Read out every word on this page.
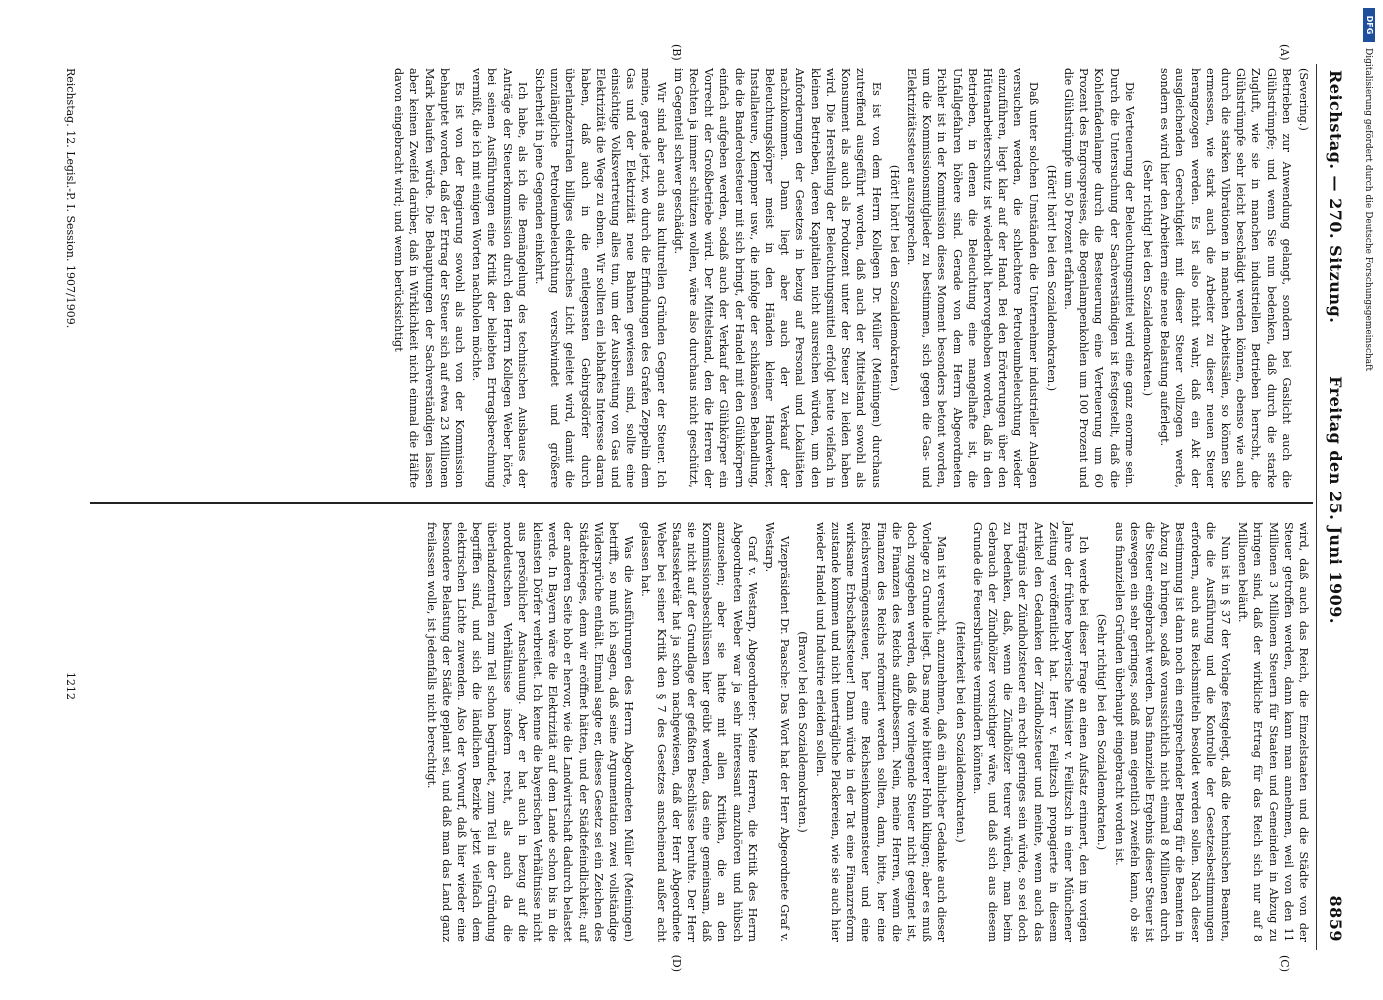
Reichstag. — 270. Sitzung.
Freitag den 25. Juni 1909.
8859
(A)
(B)
(C)
(D)

(Severing.)

Betrieben zur Anwendung gelangt, sondern bei Gaslicht auch die Glühstrümpfe; und wenn Sie nun bedenken, daß durch die starke Zugluft, wie sie in manchen industriellen Betrieben herrscht, die Glühstrümpfe sehr leicht beschädigt werden können, ebenso wie auch durch die starken Vibrationen in manchen Arbeitssälen, so können Sie ermessen, wie stark auch die Arbeiter zu dieser neuen Steuer herangezogen werden. Es ist also nicht wahr, daß ein Akt der ausgleichenden Gerechtigkeit mit dieser Steuer vollzogen werde, sondern es wird hier den Arbeitern eine neue Belastung auferlegt.

(Sehr richtig! bei den Sozialdemokraten.)

Die Verteuerung der Beleuchtungsmittel wird eine ganz enorme sein. Durch die Untersuchung der Sachverständigen ist festgestellt, daß die Kohlenfadenlampe durch die Besteuerung eine Verteuerung um 60 Prozent des Engrospreises, die Bogenlampenkohlen um 100 Prozent und die Glühstrümpfe um 50 Prozent erfahren.

(Hört! hört! bei den Sozialdemokraten.)

Daß unter solchen Umständen die Unternehmer industrieller Anlagen versuchen werden, die schlechtere Petroleumbeleuchtung wieder einzuführen, liegt klar auf der Hand. Bei den Erörterungen über den Hüttenarbeiterschutz ist wiederholt hervorgehoben worden, daß in den Betrieben, in denen die Beleuchtung eine mangelhafte ist, die Unfallgefahren höhere sind. Gerade von dem Herrn Abgeordneten Pichler ist in der Kommission dieses Moment besonders betont worden, um die Kommissionsmitglieder zu bestimmen, sich gegen die Gas- und Elektrizitätssteuer auszusprechen.

(Hört! hört! bei den Sozialdemokraten.)

Es ist von dem Herrn Kollegen Dr. Müller (Meiningen) durchaus zutreffend ausgeführt worden, daß auch der Mittelstand sowohl als Konsument als auch als Produzent unter der Steuer zu leiden haben wird. Die Herstellung der Beleuchtungsmittel erfolgt heute vielfach in kleinen Betrieben, deren Kapitalien nicht ausreichen würden, um den Anforderungen der Gesetzes in bezug auf Personal und Lokalitäten nachzukommen. Dann liegt aber auch der Verkauf der Beleuchtungskörper meist in den Händen kleiner Handwerker, Installateure, Klempner usw., die infolge der schikanösen Behandlung, die die Banderolesteuer mit sich bringt, der Handel mit den Glühkörpern einfach aufgeben werden, sodaß auch der Verkauf der Glühkörper ein Vorrecht der Großbetriebe wird. Der Mittelstand, den die Herren der Rechten ja immer schützen wollen, wäre also durchaus nicht geschützt, im Gegenteil schwer geschädigt.

Wir sind aber auch aus kulturellen Gründen Gegner der Steuer. Ich meine, gerade jetzt, wo durch die Erfindungen des Grafen Zeppelin dem Gas und der Elektrizität neue Bahnen gewiesen sind, sollte eine einsichtige Volksvertretung alles tun, um der Ausbreitung von Gas und Elektrizität die Wege zu ebnen. Wir sollten ein lebhaftes Interesse daran haben, daß auch in die entlegensten Gebirgsdörfer durch überlandzentralen billiges elektrisches Licht geleitet wird, damit die unzulängliche Petroleumbeleuchtung verschwindet und größere Sicherheit in jene Gegenden einkehrt.

Ich habe, als ich die Bemängelung des technischen Ausbaues der Anträge der Steuerkommission durch den Herrn Kollegen Weber hörte, bei seinen Ausführungen eine Kritik der beliebten Ertragsberechnung vermißt, die ich mit einigen Worten nachholen möchte.

Es ist von der Regierung sowohl als auch von der Kommission behauptet worden, daß der Ertrag der Steuer sich auf etwa 23 Millionen Mark belaufen würde. Die Behauptungen der Sachverständigen lassen aber keinen Zweifel darüber, daß in Wirklichkeit nicht einmal die Hälfte davon eingebracht wird; und wenn berücksichtigt

wird, daß auch das Reich, die Einzelstaaten und die Städte von der Steuer getroffen werden, dann kann man annehmen, weil von den 11 Millionen 3 Millionen Steuern für Staaten und Gemeinden in Abzug zu bringen sind, daß der wirkliche Ertrag für das Reich sich nur auf 8 Millionen beläuft.

Nun ist in § 37 der Vorlage festgelegt, daß die technischen Beamten, die die Ausführung und die Kontrolle der Gesetzesbestimmungen erfordern, auch aus Reichsmitteln besoldet werden sollen. Nach dieser Bestimmung ist dann noch ein entsprechender Betrag für die Beamten in Abzug zu bringen, sodaß voraussichtlich nicht einmal 8 Millionen durch die Steuer eingebracht werden. Das finanzielle Ergebnis dieser Steuer ist deswegen ein sehr geringes, sodaß man eigentlich zweifeln kann, ob sie aus finanziellen Gründen überhaupt eingebracht worden ist.

(Sehr richtig! bei den Sozialdemokraten.)

Ich werde bei dieser Frage an einen Aufsatz erinnert, den im vorigen Jahre der frühere bayerische Minister v. Feilitzsch in einer Münchener Zeitung veröffentlicht hat. Herr v. Feilitzsch propagierte in diesem Artikel den Gedanken der Zündholzsteuer und meinte, wenn auch das Erträgnis der Zündholzsteuer ein recht geringes sein würde, so sei doch zu bedenken, daß, wenn die Zündhölzer teurer würden, man beim Gebrauch der Zündhölzer vorsichtiger wäre, und daß sich aus diesem Grunde die Feuersbrünste vermindern könnten.

(Heiterkeit bei den Sozialdemokraten.)

Man ist versucht, anzunehmen, daß ein ähnlicher Gedanke auch dieser Vorlage zu Grunde liegt. Das mag wie bitterer Hohn klingen; aber es muß doch zugegeben werden, daß die vorliegende Steuer nicht geeignet ist, die Finanzen des Reichs aufzubessern. Nein, meine Herren, wenn die Finanzen des Reichs reformiert werden sollten, dann, bitte, her eine Reichsvermögenssteuer, her eine Reichseinkommensteuer und eine wirksame Erbschaftssteuer! Dann würde in der Tat eine Finanzreform zustande kommen und nicht unerträgliche Plackereien, wie sie auch hier wieder Handel und Industrie erleiden sollen.

(Bravo! bei den Sozialdemokraten.)

Vizepräsident Dr. Paasche: Das Wort hat der Herr Abgeordnete Graf v. Westarp.

Graf v. Westarp, Abgeordneter: Meine Herren, die Kritik des Herrn Abgeordneten Weber war ja sehr interessant anzuhören und hübsch anzusehen; aber sie hatte mit allen Kritiken, die an den Kommissionsbeschlüssen hier geübt werden, das eine gemeinsam, daß sie nicht auf der Grundlage der gefaßten Beschlüsse beruhte. Der Herr Staatssekretär hat ja schon nachgewiesen, daß der Herr Abgeordnete Weber bei seiner Kritik den § 7 des Gesetzes anscheinend außer acht gelassen hat.

Was die Ausführungen des Herrn Abgeordneten Müller (Meiningen) betrifft, so muß ich sagen, daß seine Argumentation zwei vollständige Widersprüche enthält. Einmal sagte er, dieses Gesetz sei ein Zeichen des Städtekrieges, denn wir eröffnet hätten, und der Städtefeindlichkeit; auf der anderen Seite hob er hervor, wie die Landwirtschaft dadurch belastet werde. In Bayern wäre die Elektrizität auf dem Lande schon bis in die kleinsten Dörfer verbreitet. Ich kenne die bayerischen Verhältnisse nicht aus persönlicher Anschauung. Aber er hat auch in bezug auf die norddeutschen Verhältnisse insofern recht, als auch da die überlandzentralen zum Teil schon begründet, zum Teil in der Gründung begriffen sind, und sich die ländlichen Bezirke jetzt vielfach dem elektrischen Lichte zuwenden. Also der Vorwurf, daß hier wieder eine besondere Belastung der Städte geplant sei, und daß man das Land ganz freilassen wolle, ist jedenfalls nicht berechtigt.

Reichstag. 12. Legisl.-P. I. Session. 1907/1909.
1212
DFG
Digitalisierung gefördert durch die Deutsche Forschungsgemeinschaft
